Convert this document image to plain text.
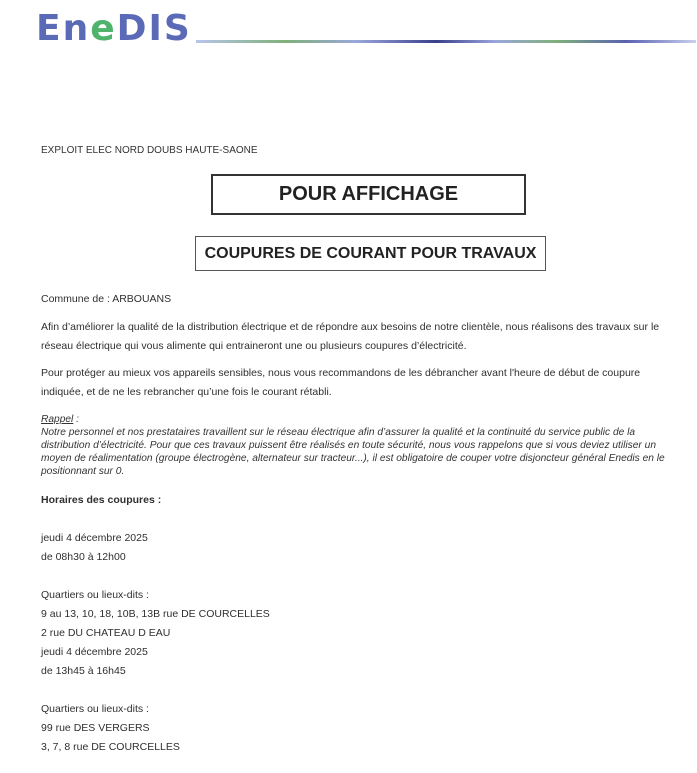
EneDIS
EXPLOIT ELEC NORD DOUBS HAUTE-SAONE
POUR AFFICHAGE
COUPURES DE COURANT POUR TRAVAUX
Commune de : ARBOUANS
Afin d’améliorer la qualité de la distribution électrique et de répondre aux besoins de notre clientèle, nous réalisons des travaux sur le réseau électrique qui vous alimente qui entraineront une ou plusieurs coupures d’électricité.
Pour protéger au mieux vos appareils sensibles, nous vous recommandons de les débrancher avant l'heure de début de coupure indiquée, et de ne les rebrancher qu’une fois le courant rétabli.
Rappel :
Notre personnel et nos prestataires travaillent sur le réseau électrique afin d’assurer la qualité et la continuité du service public de la distribution d’électricité. Pour que ces travaux puissent être réalisés en toute sécurité, nous vous rappelons que si vous deviez utiliser un moyen de réalimentation (groupe électrogène, alternateur sur tracteur...), il est obligatoire de couper votre disjoncteur général Enedis en le positionnant sur 0.
Horaires des coupures :
jeudi 4 décembre 2025
de 08h30 à 12h00
Quartiers ou lieux-dits :
9 au 13, 10, 18, 10B, 13B rue DE COURCELLES
2 rue DU CHATEAU D EAU
jeudi 4 décembre 2025
de 13h45 à 16h45
Quartiers ou lieux-dits :
99 rue DES VERGERS
3, 7, 8 rue DE COURCELLES
